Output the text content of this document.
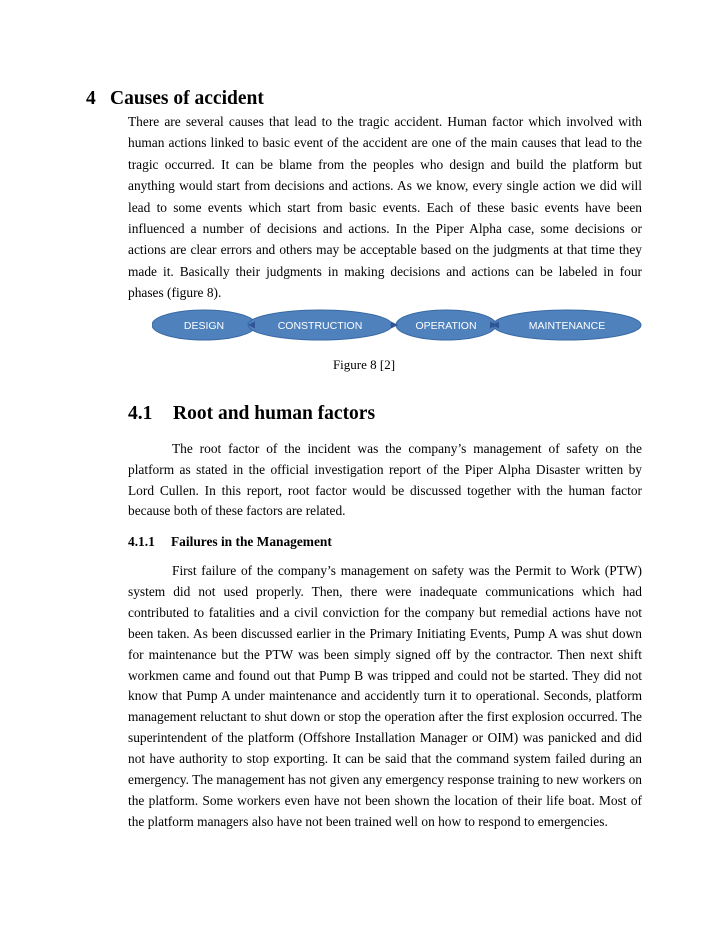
4 Causes of accident
There are several causes that lead to the tragic accident. Human factor which involved with human actions linked to basic event of the accident are one of the main causes that lead to the tragic occurred. It can be blame from the peoples who design and build the platform but anything would start from decisions and actions. As we know, every single action we did will lead to some events which start from basic events. Each of these basic events have been influenced a number of decisions and actions. In the Piper Alpha case, some decisions or actions are clear errors and others may be acceptable based on the judgments at that time they made it. Basically their judgments in making decisions and actions can be labeled in four phases (figure 8).
DESIGN	CONSTRUCTION	OPERATION	MAINTENANCE
Figure 8 [2]
4.1 Root and human factors
The root factor of the incident was the company’s management of safety on the platform as stated in the official investigation report of the Piper Alpha Disaster written by Lord Cullen. In this report, root factor would be discussed together with the human factor because both of these factors are related.
4.1.1 Failures in the Management
First failure of the company’s management on safety was the Permit to Work (PTW) system did not used properly. Then, there were inadequate communications which had contributed to fatalities and a civil conviction for the company but remedial actions have not been taken. As been discussed earlier in the Primary Initiating Events, Pump A was shut down for maintenance but the PTW was been simply signed off by the contractor. Then next shift workmen came and found out that Pump B was tripped and could not be started. They did not know that Pump A under maintenance and accidently turn it to operational. Seconds, platform management reluctant to shut down or stop the operation after the first explosion occurred. The superintendent of the platform (Offshore Installation Manager or OIM) was panicked and did not have authority to stop exporting. It can be said that the command system failed during an emergency. The management has not given any emergency response training to new workers on the platform. Some workers even have not been shown the location of their life boat. Most of the platform managers also have not been trained well on how to respond to emergencies.
